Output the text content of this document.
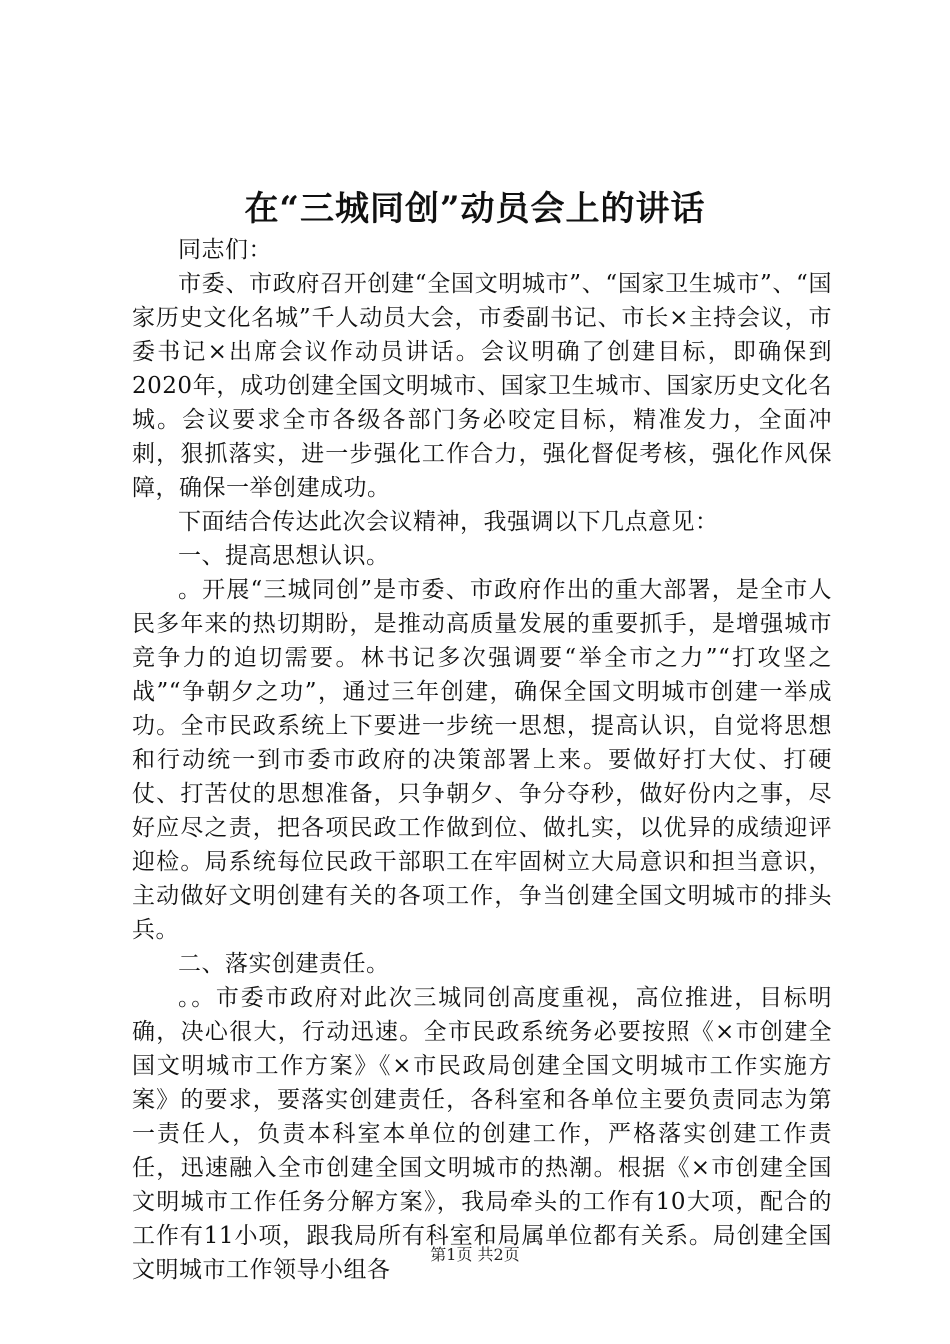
在“三城同创”动员会上的讲话

同志们：

市委、市政府召开创建“全国文明城市”、“国家卫生城市”、“国家历史文化名城”千人动员大会，市委副书记、市长×主持会议，市委书记×出席会议作动员讲话。会议明确了创建目标，即确保到2020年，成功创建全国文明城市、国家卫生城市、国家历史文化名城。会议要求全市各级各部门务必咬定目标，精准发力，全面冲刺，狠抓落实，进一步强化工作合力，强化督促考核，强化作风保障，确保一举创建成功。

下面结合传达此次会议精神，我强调以下几点意见：

一、提高思想认识。

。开展“三城同创”是市委、市政府作出的重大部署，是全市人民多年来的热切期盼，是推动高质量发展的重要抓手，是增强城市竞争力的迫切需要。林书记多次强调要“举全市之力”“打攻坚之战”“争朝夕之功”，通过三年创建，确保全国文明城市创建一举成功。全市民政系统上下要进一步统一思想，提高认识，自觉将思想和行动统一到市委市政府的决策部署上来。要做好打大仗、打硬仗、打苦仗的思想准备，只争朝夕、争分夺秒，做好份内之事，尽好应尽之责，把各项民政工作做到位、做扎实，以优异的成绩迎评迎检。局系统每位民政干部职工在牢固树立大局意识和担当意识，主动做好文明创建有关的各项工作，争当创建全国文明城市的排头兵。

二、落实创建责任。

。。市委市政府对此次三城同创高度重视，高位推进，目标明确，决心很大，行动迅速。全市民政系统务必要按照《×市创建全国文明城市工作方案》《×市民政局创建全国文明城市工作实施方案》的要求，要落实创建责任，各科室和各单位主要负责同志为第一责任人，负责本科室本单位的创建工作，严格落实创建工作责任，迅速融入全市创建全国文明城市的热潮。根据《×市创建全国文明城市工作任务分解方案》，我局牵头的工作有10大项，配合的工作有11小项，跟我局所有科室和局属单位都有关系。局创建全国文明城市工作领导小组各

第1页 共2页
